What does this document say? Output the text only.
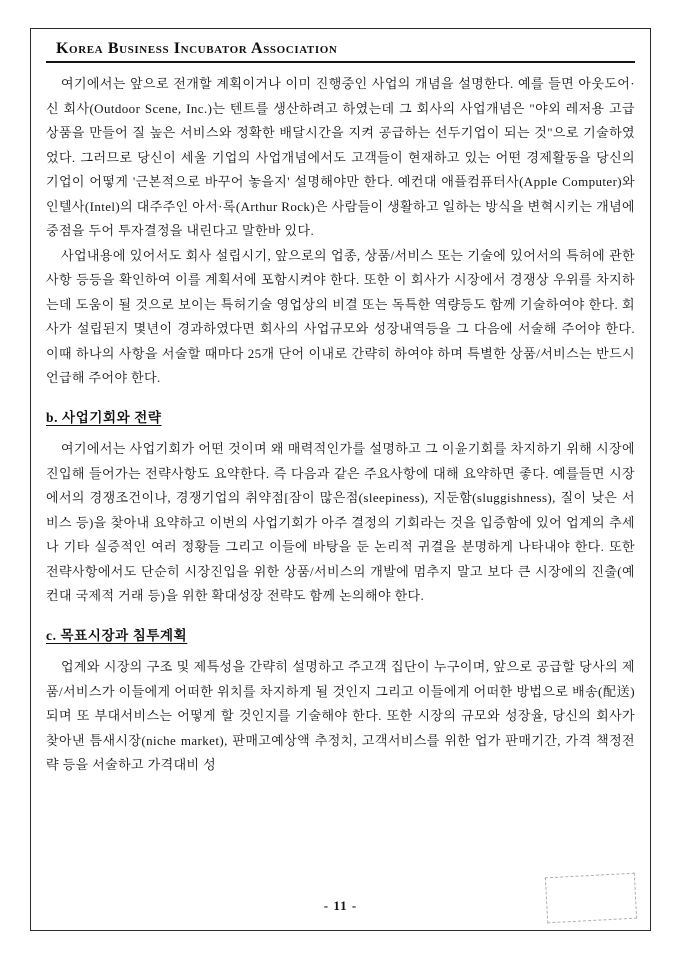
Korea Business Incubator Association

여기에서는 앞으로 전개할 계획이거나 이미 진행중인 사업의 개념을 설명한다. 예를 들면 아웃도어·신 회사(Outdoor Scene, Inc.)는 텐트를 생산하려고 하였는데 그 회사의 사업개념은 "야외 레저용 고급 상품을 만들어 질 높은 서비스와 정확한 배달시간을 지켜 공급하는 선두기업이 되는 것"으로 기술하였었다. 그러므로 당신이 세울 기업의 사업개념에서도 고객들이 현재하고 있는 어떤 경제활동을 당신의 기업이 어떻게 '근본적으로 바꾸어 놓을지' 설명해야만 한다. 예컨대 애플컴퓨터사(Apple Computer)와 인텔사(Intel)의 대주주인 아서·록(Arthur Rock)은 사람들이 생활하고 일하는 방식을 변혁시키는 개념에 중점을 두어 투자결정을 내린다고 말한바 있다.

사업내용에 있어서도 회사 설립시기, 앞으로의 업종, 상품/서비스 또는 기술에 있어서의 특허에 관한 사항 등등을 확인하여 이를 계획서에 포함시켜야 한다. 또한 이 회사가 시장에서 경쟁상 우위를 차지하는데 도움이 될 것으로 보이는 특허기술 영업상의 비결 또는 독특한 역량등도 함께 기술하여야 한다. 회사가 설립된지 몇년이 경과하였다면 회사의 사업규모와 성장내역등을 그 다음에 서술해 주어야 한다. 이때 하나의 사항을 서술할 때마다 25개 단어 이내로 간략히 하여야 하며 특별한 상품/서비스는 반드시 언급해 주어야 한다.

b. 사업기회와 전략

여기에서는 사업기회가 어떤 것이며 왜 매력적인가를 설명하고 그 이윤기회를 차지하기 위해 시장에 진입해 들어가는 전략사항도 요약한다. 즉 다음과 같은 주요사항에 대해 요약하면 좋다. 예를들면 시장에서의 경쟁조건이나, 경쟁기업의 취약점[잠이 많은점(sleepiness), 지둔함(sluggishness), 질이 낮은 서비스 등)을 찾아내 요약하고 이번의 사업기회가 아주 결정의 기회라는 것을 입증함에 있어 업계의 추세나 기타 실증적인 여러 정황들 그리고 이들에 바탕을 둔 논리적 귀결을 분명하게 나타내야 한다. 또한 전략사항에서도 단순히 시장진입을 위한 상품/서비스의 개발에 멈추지 말고 보다 큰 시장에의 진출(예컨대 국제적 거래 등)을 위한 확대성장 전략도 함께 논의해야 한다.

c. 목표시장과 침투계획

업계와 시장의 구조 및 제특성을 간략히 설명하고 주고객 집단이 누구이며, 앞으로 공급할 당사의 제품/서비스가 이들에게 어떠한 위치를 차지하게 될 것인지 그리고 이들에게 어떠한 방법으로 배송(配送)되며 또 부대서비스는 어떻게 할 것인지를 기술해야 한다. 또한 시장의 규모와 성장율, 당신의 회사가 찾아낸 틈새시장(niche market), 판매고예상액 추정치, 고객서비스를 위한 업가 판매기간, 가격 책정전략 등을 서술하고 가격대비 성

- 11 -
